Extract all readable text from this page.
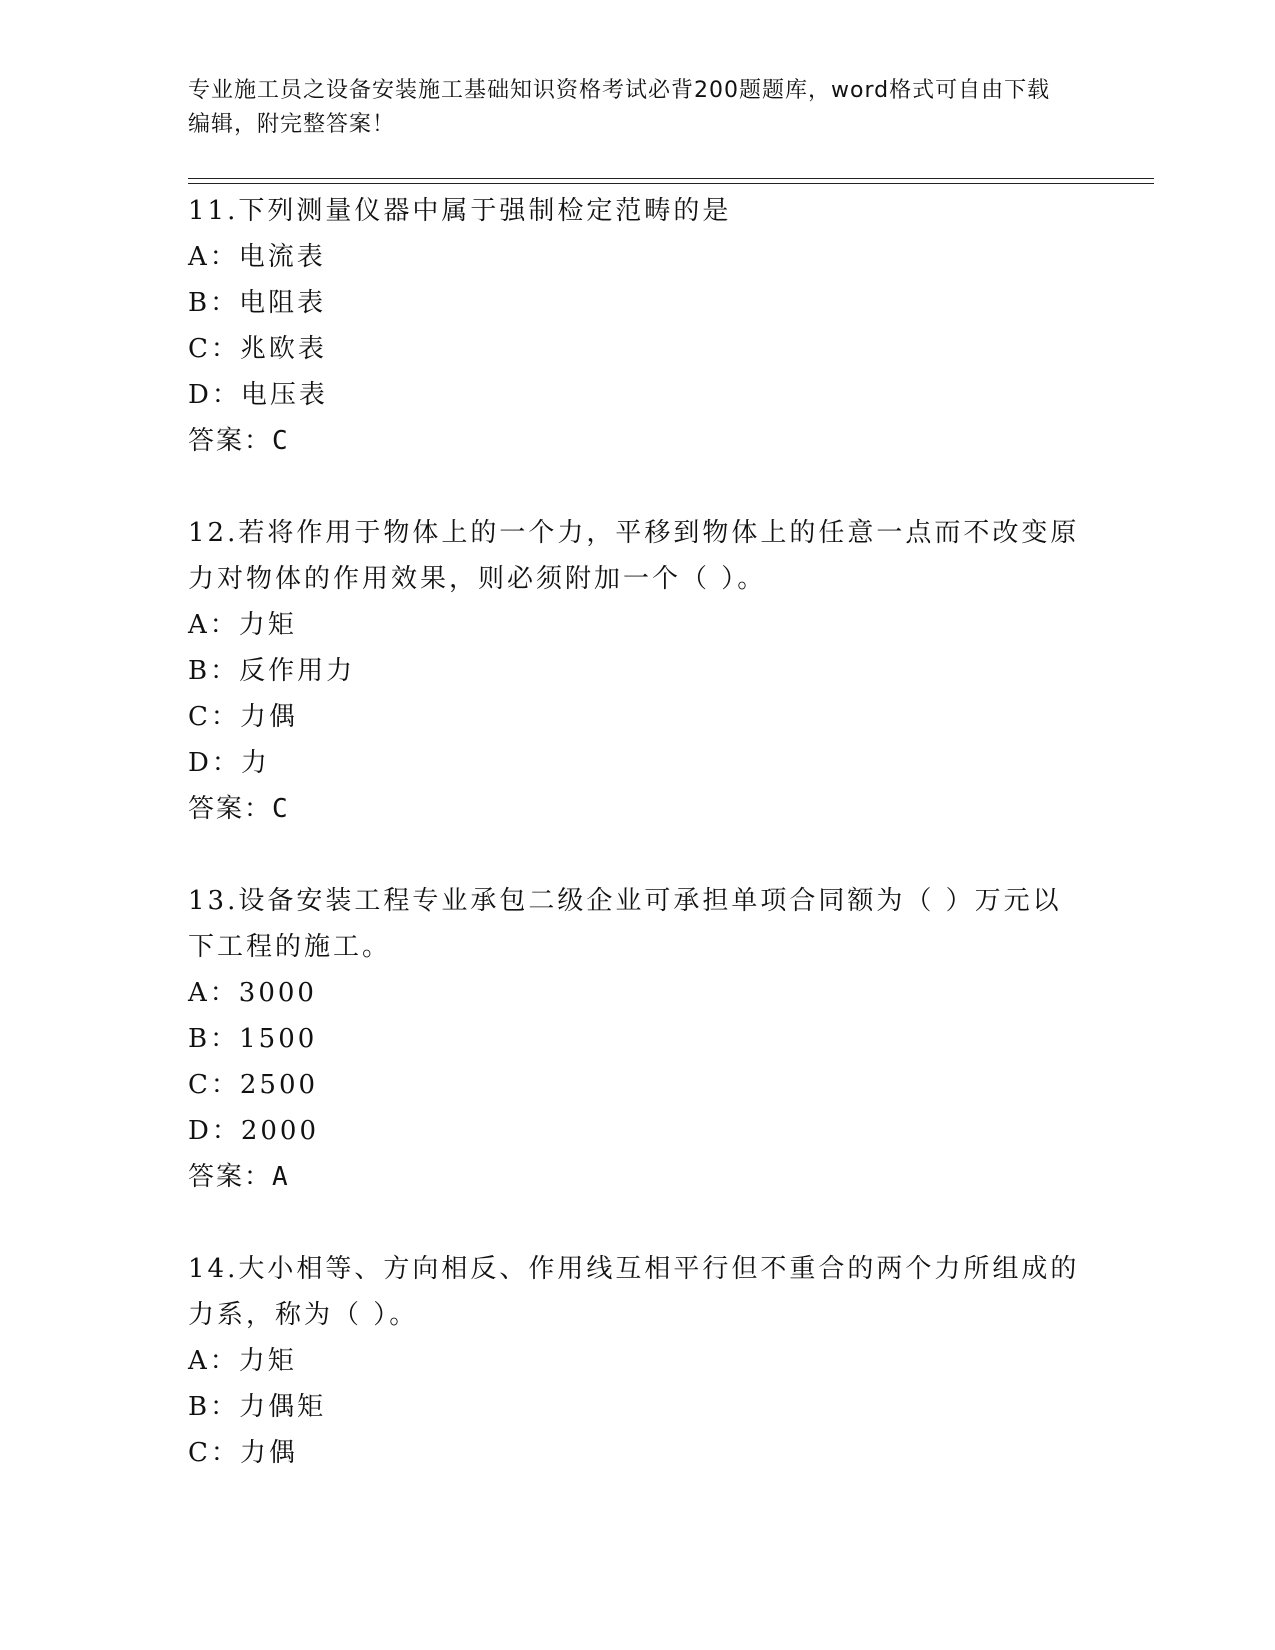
专业施工员之设备安装施工基础知识资格考试必背200题题库，word格式可自由下载编辑，附完整答案！

11.下列测量仪器中属于强制检定范畴的是

A：电流表

B：电阻表

C：兆欧表

D：电压表

答案：C

12.若将作用于物体上的一个力，平移到物体上的任意一点而不改变原力对物体的作用效果，则必须附加一个（ ）。

A：力矩

B：反作用力

C：力偶

D：力

答案：C

13.设备安装工程专业承包二级企业可承担单项合同额为（ ）万元以下工程的施工。

A：3000

B：1500

C：2500

D：2000

答案：A

14.大小相等、方向相反、作用线互相平行但不重合的两个力所组成的力系，称为（ ）。

A：力矩

B：力偶矩

C：力偶
